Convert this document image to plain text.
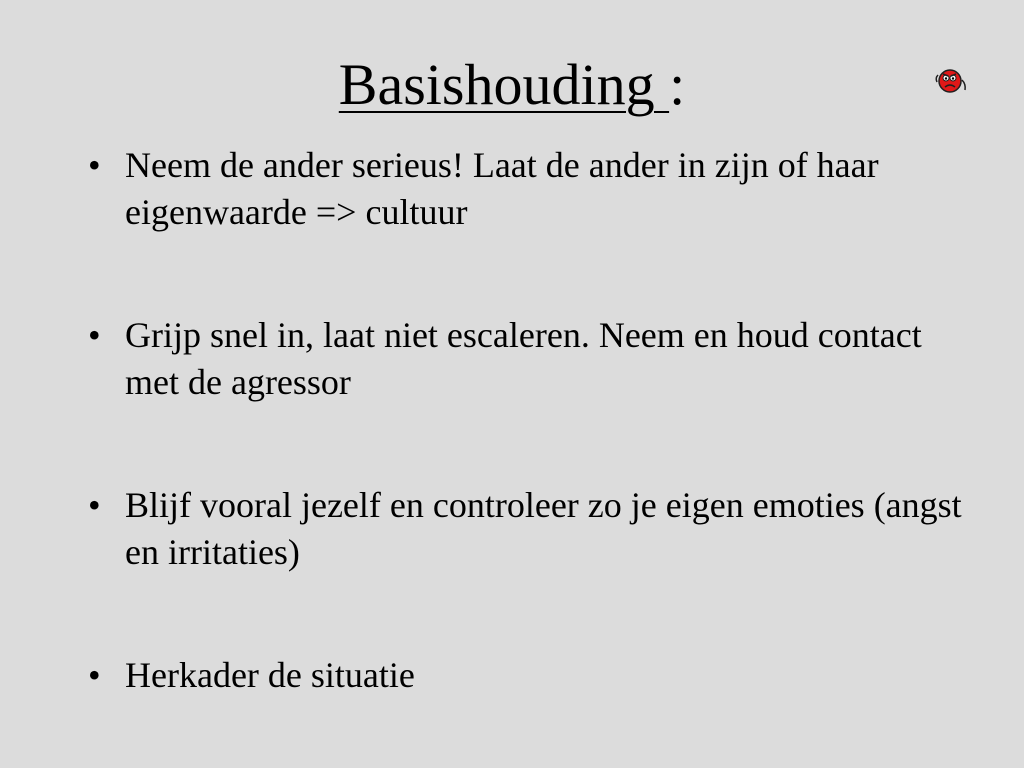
Basishouding :
• Neem de ander serieus! Laat de ander in zijn of haar eigenwaarde => cultuur
• Grijp snel in, laat niet escaleren. Neem en houd contact met de agressor
• Blijf vooral jezelf en controleer zo je eigen emoties (angst en irritaties)
• Herkader de situatie
